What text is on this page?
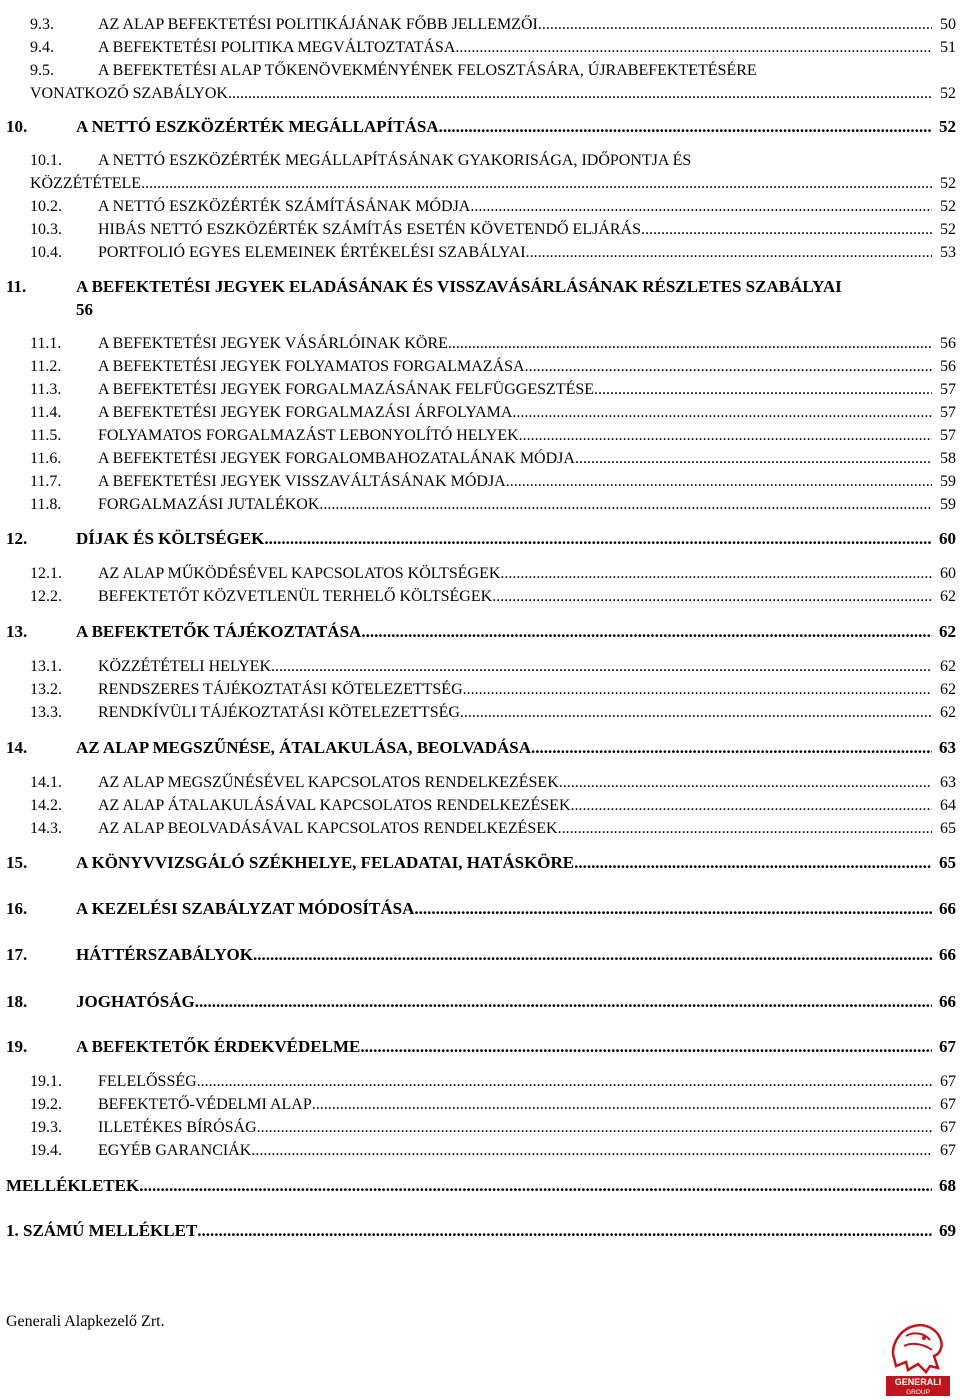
9.3.	AZ ALAP BEFEKTETÉSI POLITIKÁJÁNAK FŐBB JELLEMZŐI .....	50
9.4.	A BEFEKTETÉSI POLITIKA MEGVÁLTOZTATÁSA .....	51
9.5.	A BEFEKTETÉSI ALAP TŐKENÖVEKMÉNYÉNEK FELOSZTÁSÁRA, ÚJRABEFEKTETÉSÉRE
VONATKOZÓ SZABÁLYOK .....	52
10.	A NETTÓ ESZKÖZÉRTÉK MEGÁLLAPÍTÁSA .....	52
10.1. A NETTÓ ESZKÖZÉRTÉK MEGÁLLAPÍTÁSÁNAK GYAKORISÁGA, IDŐPONTJA ÉS
KÖZZÉTÉTELE .....	52
10.2. A NETTÓ ESZKÖZÉRTÉK SZÁMÍTÁSÁNAK MÓDJA .....	52
10.3. HIBÁS NETTÓ ESZKÖZÉRTÉK SZÁMÍTÁS ESETÉN KÖVETENDŐ ELJÁRÁS .....	52
10.4. PORTFOLIÓ EGYES ELEMEINEK ÉRTÉKELÉSI SZABÁLYAI .....	53
11.	A BEFEKTETÉSI JEGYEK ELADÁSÁNAK ÉS VISSZAVÁSÁRLÁSÁNAK RÉSZLETES SZABÁLYAI
56
11.1. A BEFEKTETÉSI JEGYEK VÁSÁRLÓINAK KÖRE .....	56
11.2. A BEFEKTETÉSI JEGYEK FOLYAMATOS FORGALMAZÁSA .....	56
11.3. A BEFEKTETÉSI JEGYEK FORGALMAZÁSÁNAK FELFÜGGESZTÉSE .....	57
11.4. A BEFEKTETÉSI JEGYEK FORGALMAZÁSI ÁRFOLYAMA .....	57
11.5. FOLYAMATOS FORGALMAZÁST LEBONYOLÍTÓ HELYEK .....	57
11.6. A BEFEKTETÉSI JEGYEK FORGALOMBAHOZATALÁNAK MÓDJA .....	58
11.7. A BEFEKTETÉSI JEGYEK VISSZAVÁLTÁSÁNAK MÓDJA .....	59
11.8. FORGALMAZÁSI JUTALÉKOK .....	59
12.	DÍJAK ÉS KÖLTSÉGEK .....	60
12.1. AZ ALAP MŰKÖDÉSÉVEL KAPCSOLATOS KÖLTSÉGEK .....	60
12.2. BEFEKTETŐT KÖZVETLENÜL TERHELŐ KÖLTSÉGEK .....	62
13.	A BEFEKTETŐK TÁJÉKOZTATÁSA .....	62
13.1. KÖZZÉTÉTELI HELYEK .....	62
13.2. RENDSZERES TÁJÉKOZTATÁSI KÖTELEZETTSÉG .....	62
13.3. RENDKÍVÜLI TÁJÉKOZTATÁSI KÖTELEZETTSÉG .....	62
14.	AZ ALAP MEGSZŰNÉSE, ÁTALAKULÁSA, BEOLVADÁSA .....	63
14.1. AZ ALAP MEGSZŰNÉSÉVEL KAPCSOLATOS RENDELKEZÉSEK .....	63
14.2. AZ ALAP ÁTALAKULÁSÁVAL KAPCSOLATOS RENDELKEZÉSEK .....	64
14.3. AZ ALAP BEOLVADÁSÁVAL KAPCSOLATOS RENDELKEZÉSEK .....	65
15.	A KÖNYVVIZSGÁLÓ SZÉKHELYE, FELADATAI, HATÁSKÖRE .....	65
16.	A KEZELÉSI SZABÁLYZAT MÓDOSÍTÁSA .....	66
17.	HÁTTÉRSZABÁLYOK .....	66
18.	JOGHATÓSÁG .....	66
19.	A BEFEKTETŐK ÉRDEKVÉDELME .....	67
19.1. FELELŐSSÉG .....	67
19.2. BEFEKTETŐ-VÉDELMI ALAP .....	67
19.3. ILLETÉKES BÍRÓSÁG .....	67
19.4. EGYÉB GARANCIÁK .....	67
MELLÉKLETEK .....	68
1. SZÁMÚ MELLÉKLET .....	69
Generali Alapkezelő Zrt.
GENERALI
GROUP
